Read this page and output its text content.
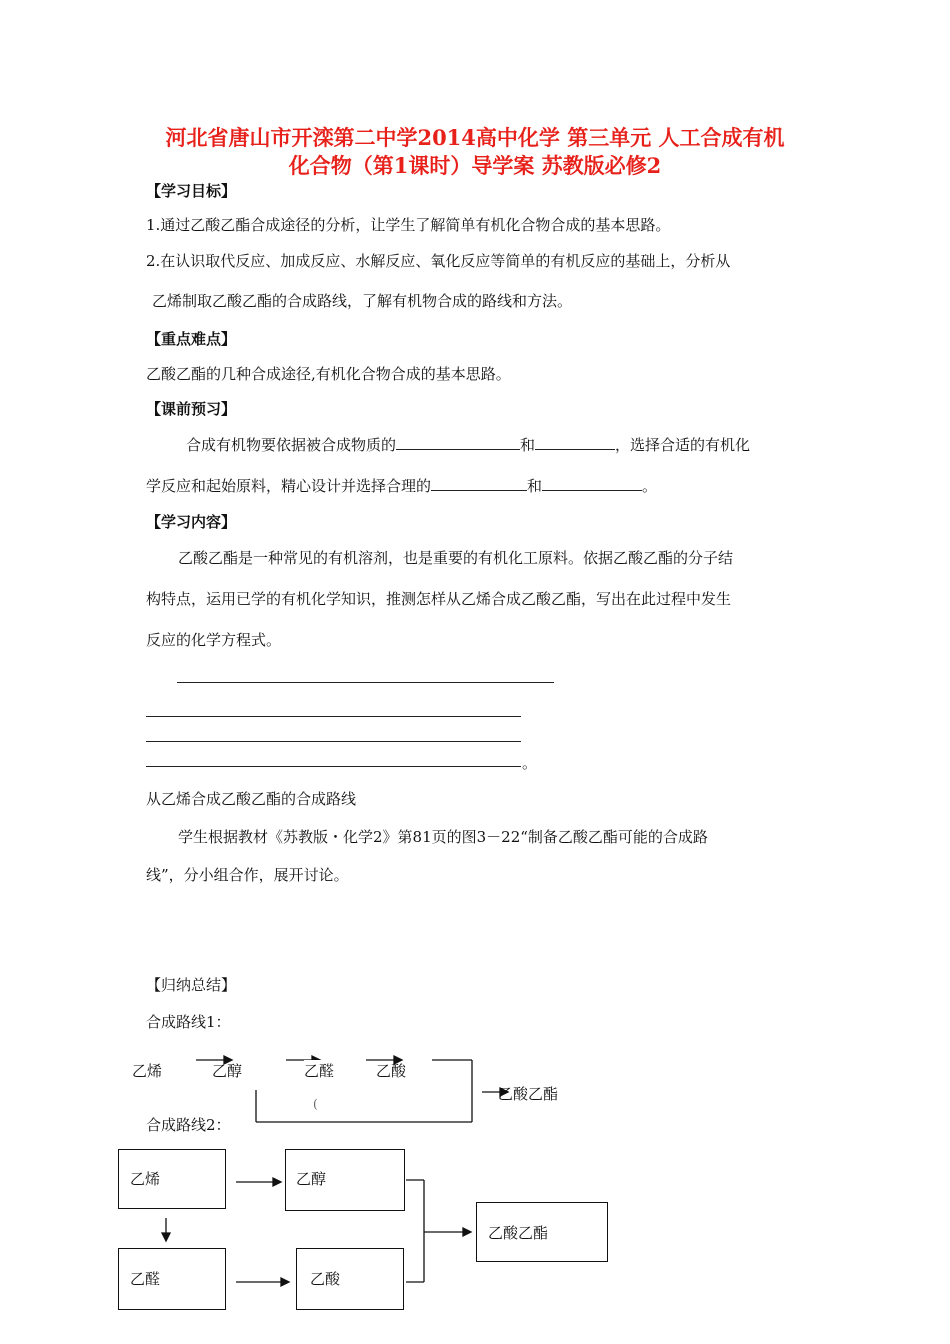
河北省唐山市开滦第二中学2014高中化学 第三单元 人工合成有机
化合物（第1课时）导学案 苏教版必修2
【学习目标】
1.通过乙酸乙酯合成途径的分析，让学生了解简单有机化合物合成的基本思路。
2.在认识取代反应、加成反应、水解反应、氧化反应等简单的有机反应的基础上，分析从
乙烯制取乙酸乙酯的合成路线，了解有机物合成的路线和方法。
【重点难点】
乙酸乙酯的几种合成途径,有机化合物合成的基本思路。
【课前预习】
合成有机物要依据被合成物质的	和	，选择合适的有机化
学反应和起始原料，精心设计并选择合理的	和	。
【学习内容】
乙酸乙酯是一种常见的有机溶剂，也是重要的有机化工原料。依据乙酸乙酯的分子结
构特点，运用已学的有机化学知识，推测怎样从乙烯合成乙酸乙酯，写出在此过程中发生
反应的化学方程式。
。
从乙烯合成乙酸乙酯的合成路线
学生根据教材《苏教版・化学2》第81页的图3－22“制备乙酸乙酯可能的合成路
线”，分小组合作，展开讨论。
【归纳总结】
合成路线1：
(
乙烯	乙醇	乙醛	乙酸
乙酸乙酯
合成路线2：
乙烯	乙醇
乙醛	乙酸
乙酸乙酯
